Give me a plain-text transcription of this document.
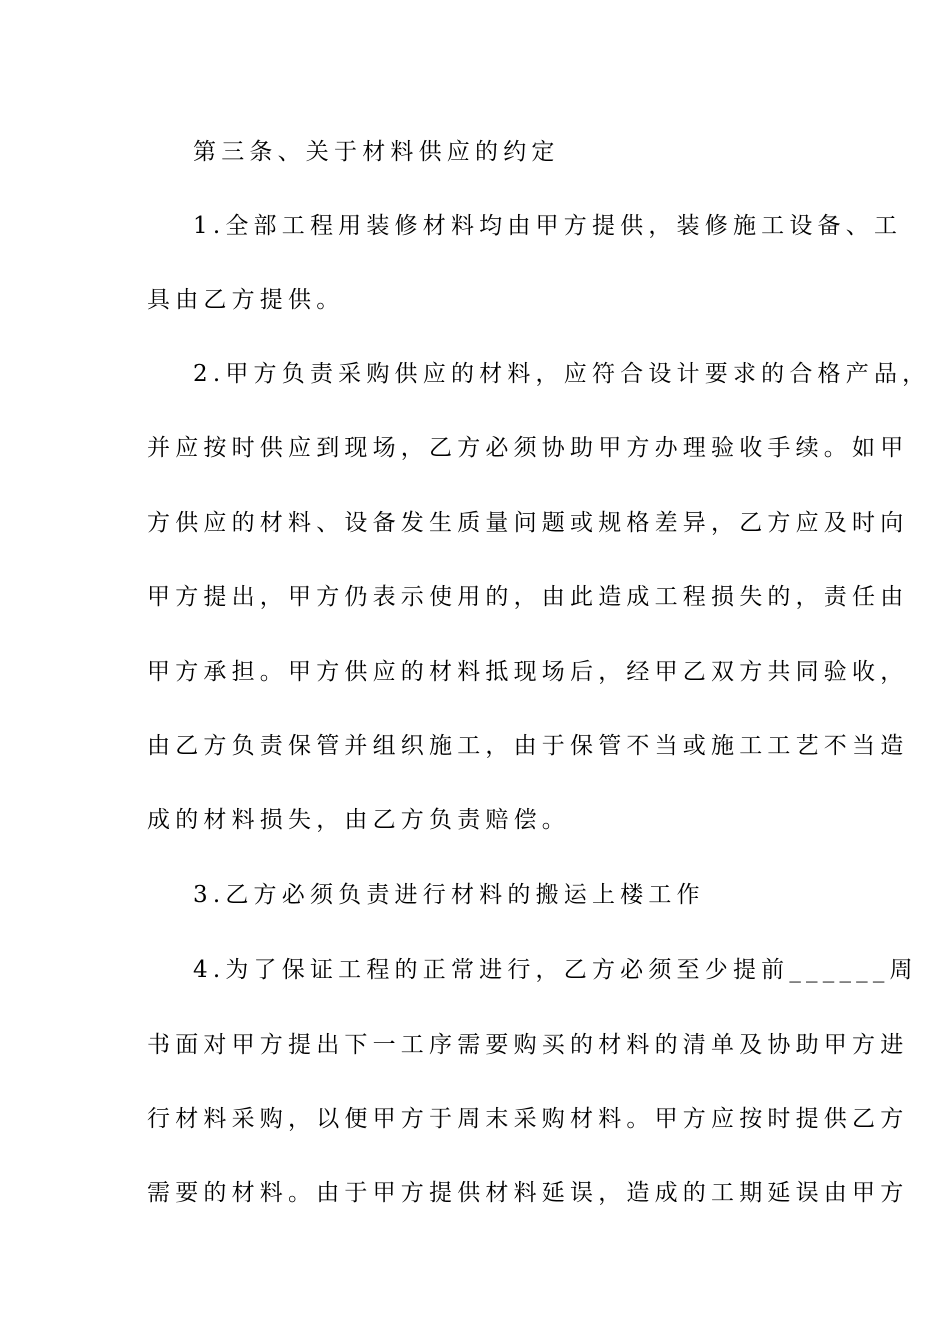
第三条、关于材料供应的约定
1.全部工程用装修材料均由甲方提供，装修施工设备、工
具由乙方提供。
2.甲方负责采购供应的材料，应符合设计要求的合格产品，
并应按时供应到现场，乙方必须协助甲方办理验收手续。如甲
方供应的材料、设备发生质量问题或规格差异，乙方应及时向
甲方提出，甲方仍表示使用的，由此造成工程损失的，责任由
甲方承担。甲方供应的材料抵现场后，经甲乙双方共同验收，
由乙方负责保管并组织施工，由于保管不当或施工工艺不当造
成的材料损失，由乙方负责赔偿。
3.乙方必须负责进行材料的搬运上楼工作
4.为了保证工程的正常进行，乙方必须至少提前______周
书面对甲方提出下一工序需要购买的材料的清单及协助甲方进
行材料采购，以便甲方于周末采购材料。甲方应按时提供乙方
需要的材料。由于甲方提供材料延误，造成的工期延误由甲方
